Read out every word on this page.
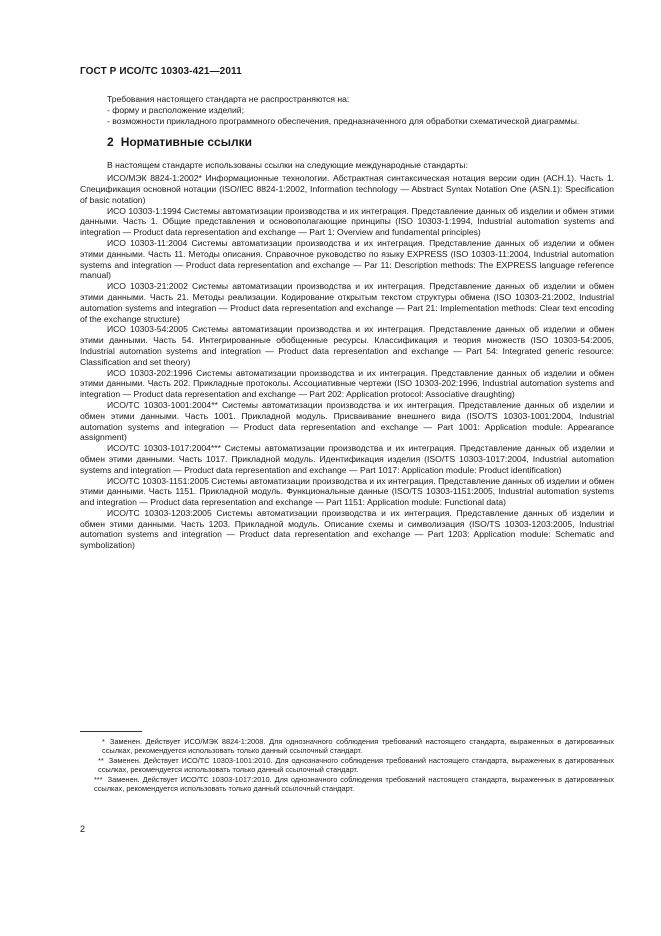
ГОСТ Р ИСО/ТС 10303-421—2011

Требования настоящего стандарта не распространяются на:

- форму и расположение изделий;

- возможности прикладного программного обеспечения, предназначенного для обработки схематической диаграммы.

2 Нормативные ссылки

В настоящем стандарте использованы ссылки на следующие международные стандарты:

ИСО/МЭК 8824-1:2002* Информационные технологии. Абстрактная синтаксическая нотация версии один (АСН.1). Часть 1. Спецификация основной нотации (ISO/IEC 8824-1:2002, Information technology — Abstract Syntax Notation One (ASN.1): Specification of basic notation)

ИСО 10303-1:1994 Системы автоматизации производства и их интеграция. Представление данных об изделии и обмен этими данными. Часть 1. Общие представления и основополагающие принципы (ISO 10303-1:1994, Industrial automation systems and integration — Product data representation and exchange — Part 1: Overview and fundamental principles)

ИСО 10303-11:2004 Системы автоматизации производства и их интеграция. Представление данных об изделии и обмен этими данными. Часть 11. Методы описания. Справочное руководство по языку EXPRESS (ISO 10303-11:2004, Industrial automation systems and integration — Product data representation and exchange — Par 11: Description methods: The EXPRESS language reference manual)

ИСО 10303-21:2002 Системы автоматизации производства и их интеграция. Представление данных об изделии и обмен этими данными. Часть 21. Методы реализации. Кодирование открытым текстом структуры обмена (ISO 10303-21:2002, Industrial automation systems and integration — Product data representation and exchange — Part 21: Implementation methods: Clear text encoding of the exchange structure)

ИСО 10303-54:2005 Системы автоматизации производства и их интеграция. Представление данных об изделии и обмен этими данными. Часть 54. Интегрированные обобщенные ресурсы. Классификация и теория множеств (ISO 10303-54:2005, Industrial automation systems and integration — Product data representation and exchange — Part 54: Integrated generic resource: Classification and set theory)

ИСО 10303-202:1996 Системы автоматизации производства и их интеграция. Представление данных об изделии и обмен этими данными. Часть 202. Прикладные протоколы. Ассоциативные чертежи (ISO 10303-202:1996, Industrial automation systems and integration — Product data representation and exchange — Part 202: Application protocol: Associative draughting)

ИСО/ТС 10303-1001:2004** Системы автоматизации производства и их интеграция. Представление данных об изделии и обмен этими данными. Часть 1001. Прикладной модуль. Присваивание внешнего вида (ISO/TS 10303-1001:2004, Industrial automation systems and integration — Product data representation and exchange — Part 1001: Application module: Appearance assignment)

ИСО/ТС 10303-1017:2004*** Системы автоматизации производства и их интеграция. Представление данных об изделии и обмен этими данными. Часть 1017. Прикладной модуль. Идентификация изделия (ISO/TS 10303-1017:2004, Industrial automation systems and integration — Product data representation and exchange — Part 1017: Application module: Product identification)

ИСО/ТС 10303-1151:2005 Системы автоматизации производства и их интеграция. Представление данных об изделии и обмен этими данными. Часть 1151. Прикладной модуль. Функциональные данные (ISO/TS 10303-1151:2005, Industrial automation systems and integration — Product data representation and exchange — Part 1151: Application module: Functional data)

ИСО/ТС 10303-1203:2005 Системы автоматизации производства и их интеграция. Представление данных об изделии и обмен этими данными. Часть 1203. Прикладной модуль. Описание схемы и символизация (ISO/TS 10303-1203:2005, Industrial automation systems and integration — Product data representation and exchange — Part 1203: Application module: Schematic and symbolization)

* Заменен. Действует ИСО/МЭК 8824-1:2008. Для однозначного соблюдения требований настоящего стандарта, выраженных в датированных ссылках, рекомендуется использовать только данный ссылочный стандарт.

** Заменен. Действует ИСО/ТС 10303-1001:2010. Для однозначного соблюдения требований настоящего стандарта, выраженных в датированных ссылках, рекомендуется использовать только данный ссылочный стандарт.

*** Заменен. Действует ИСО/ТС 10303-1017:2010. Для однозначного соблюдения требований настоящего стандарта, выраженных в датированных ссылках, рекомендуется использовать только данный ссылочный стандарт.

2
